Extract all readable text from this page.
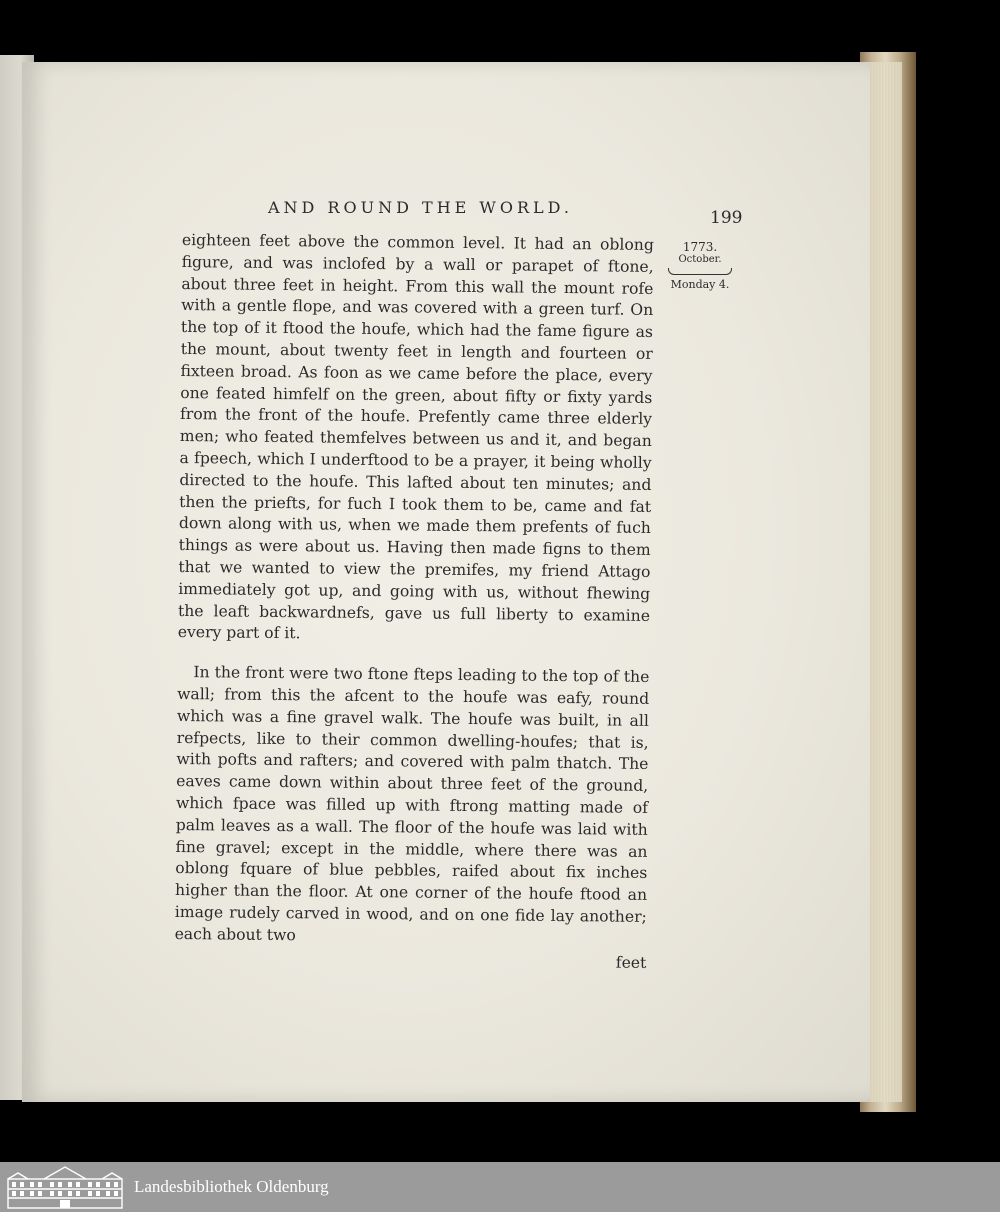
AND ROUND THE WORLD.
199
1773.
October.
Monday 4.

eighteen feet above the common level. It had an oblong figure, and was inclofed by a wall or parapet of ftone, about three feet in height. From this wall the mount rofe with a gentle flope, and was covered with a green turf. On the top of it ftood the houfe, which had the fame figure as the mount, about twenty feet in length and fourteen or fixteen broad. As foon as we came before the place, every one feated himfelf on the green, about fifty or fixty yards from the front of the houfe. Prefently came three elderly men; who feated themfelves between us and it, and began a fpeech, which I underftood to be a prayer, it being wholly directed to the houfe. This lafted about ten minutes; and then the priefts, for fuch I took them to be, came and fat down along with us, when we made them prefents of fuch things as were about us. Having then made figns to them that we wanted to view the premifes, my friend Attago immediately got up, and going with us, without fhewing the leaft backwardnefs, gave us full liberty to examine every part of it.

In the front were two ftone fteps leading to the top of the wall; from this the afcent to the houfe was eafy, round which was a fine gravel walk. The houfe was built, in all refpects, like to their common dwelling-houfes; that is, with pofts and rafters; and covered with palm thatch. The eaves came down within about three feet of the ground, which fpace was filled up with ftrong matting made of palm leaves as a wall. The floor of the houfe was laid with fine gravel; except in the middle, where there was an oblong fquare of blue pebbles, raifed about fix inches higher than the floor. At one corner of the houfe ftood an image rudely carved in wood, and on one fide lay another; each about two

feet

Landesbibliothek Oldenburg
